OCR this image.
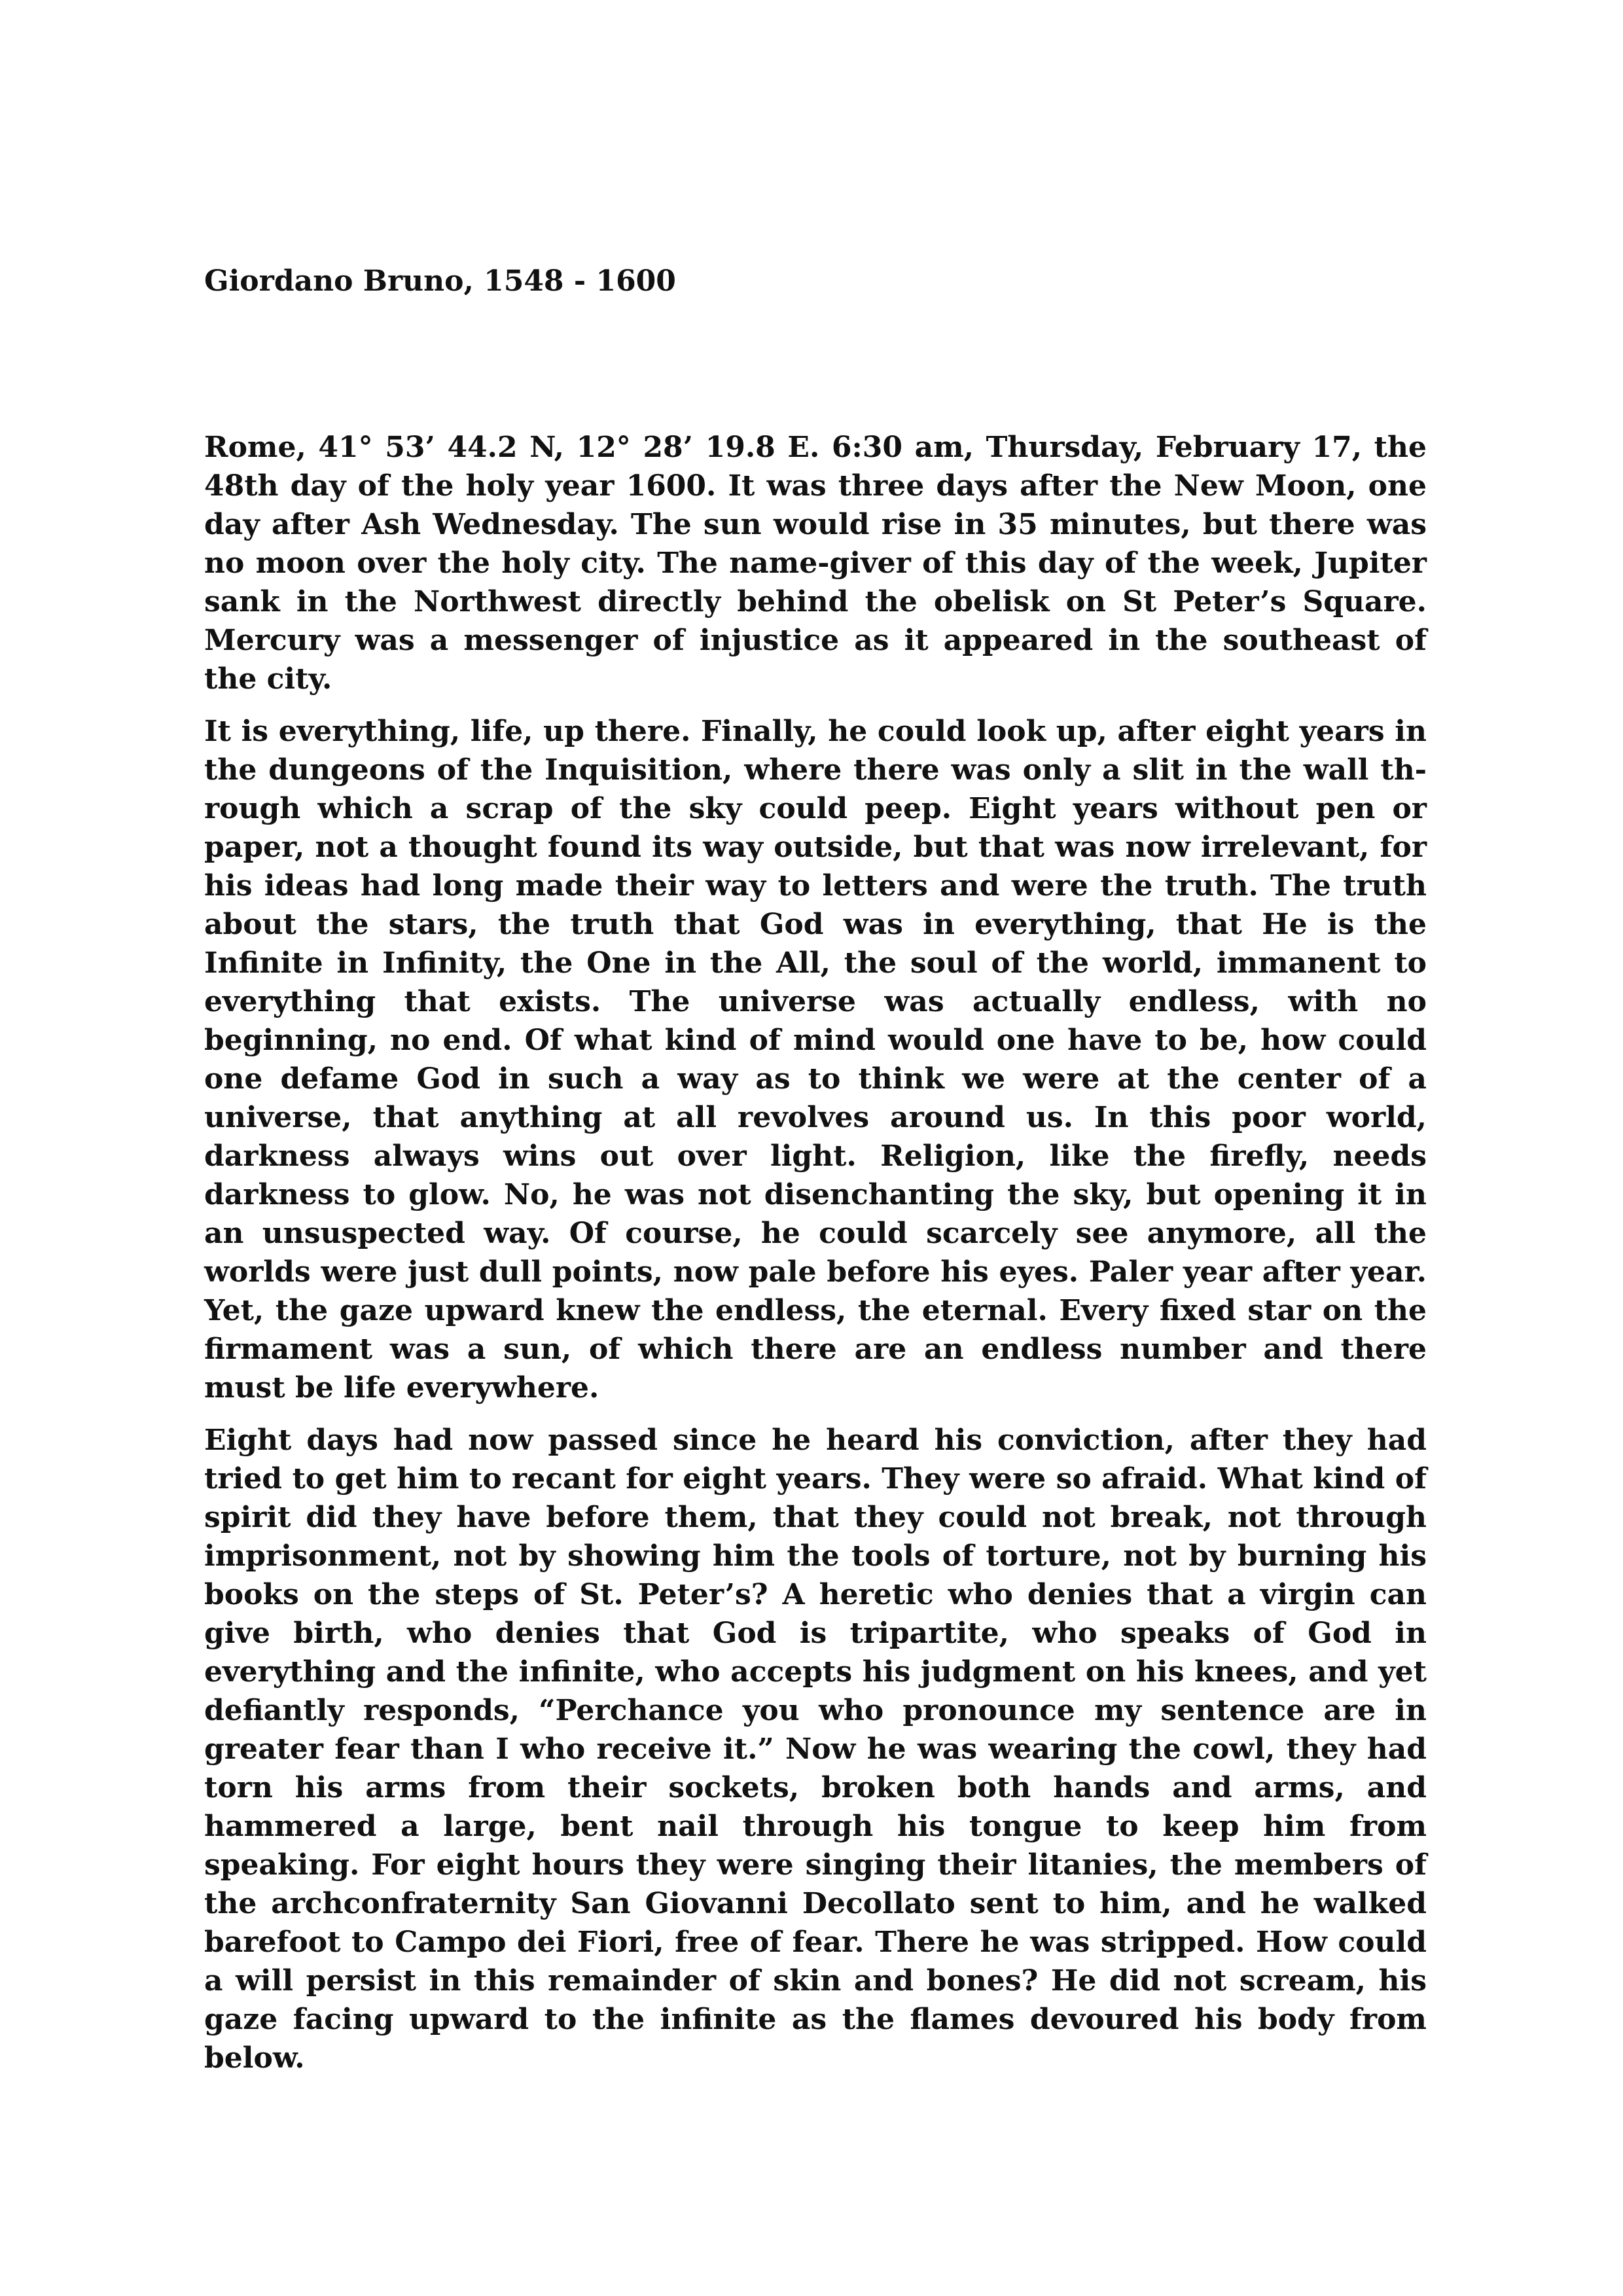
Giordano Bruno, 1548 - 1600

Rome, 41° 53’ 44.2 N, 12° 28’ 19.8 E. 6:30 am, Thursday, February 17, the 48th day of the holy year 1600. It was three days after the New Moon, one day after Ash Wednesday. The sun would rise in 35 minutes, but there was no moon over the holy city. The name-giver of this day of the week, Jupiter sank in the Northwest directly behind the obelisk on St Peter’s Square. Mercury was a messenger of injustice as it appeared in the southeast of the city.

It is everything, life, up there. Finally, he could look up, after eight years in the dungeons of the Inquisition, where there was only a slit in the wall through which a scrap of the sky could peep. Eight years without pen or paper, not a thought found its way outside, but that was now irrelevant, for his ideas had long made their way to letters and were the truth. The truth about the stars, the truth that God was in everything, that He is the Infinite in Infinity, the One in the All, the soul of the world, immanent to everything that exists. The universe was actually endless, with no beginning, no end. Of what kind of mind would one have to be, how could one defame God in such a way as to think we were at the center of a universe, that anything at all revolves around us. In this poor world, darkness always wins out over light. Religion, like the firefly, needs darkness to glow. No, he was not disenchanting the sky, but opening it in an unsuspected way. Of course, he could scarcely see anymore, all the worlds were just dull points, now pale before his eyes. Paler year after year. Yet, the gaze upward knew the endless, the eternal. Every fixed star on the firmament was a sun, of which there are an endless number and there must be life everywhere.

Eight days had now passed since he heard his conviction, after they had tried to get him to recant for eight years. They were so afraid. What kind of spirit did they have before them, that they could not break, not through imprisonment, not by showing him the tools of torture, not by burning his books on the steps of St. Peter’s? A heretic who denies that a virgin can give birth, who denies that God is tripartite, who speaks of God in everything and the infinite, who accepts his judgment on his knees, and yet defiantly responds, “Perchance you who pronounce my sentence are in greater fear than I who receive it.” Now he was wearing the cowl, they had torn his arms from their sockets, broken both hands and arms, and hammered a large, bent nail through his tongue to keep him from speaking. For eight hours they were singing their litanies, the members of the archconfraternity San Giovanni Decollato sent to him, and he walked barefoot to Campo dei Fiori, free of fear. There he was stripped. How could a will persist in this remainder of skin and bones? He did not scream, his gaze facing upward to the infinite as the flames devoured his body from below.
